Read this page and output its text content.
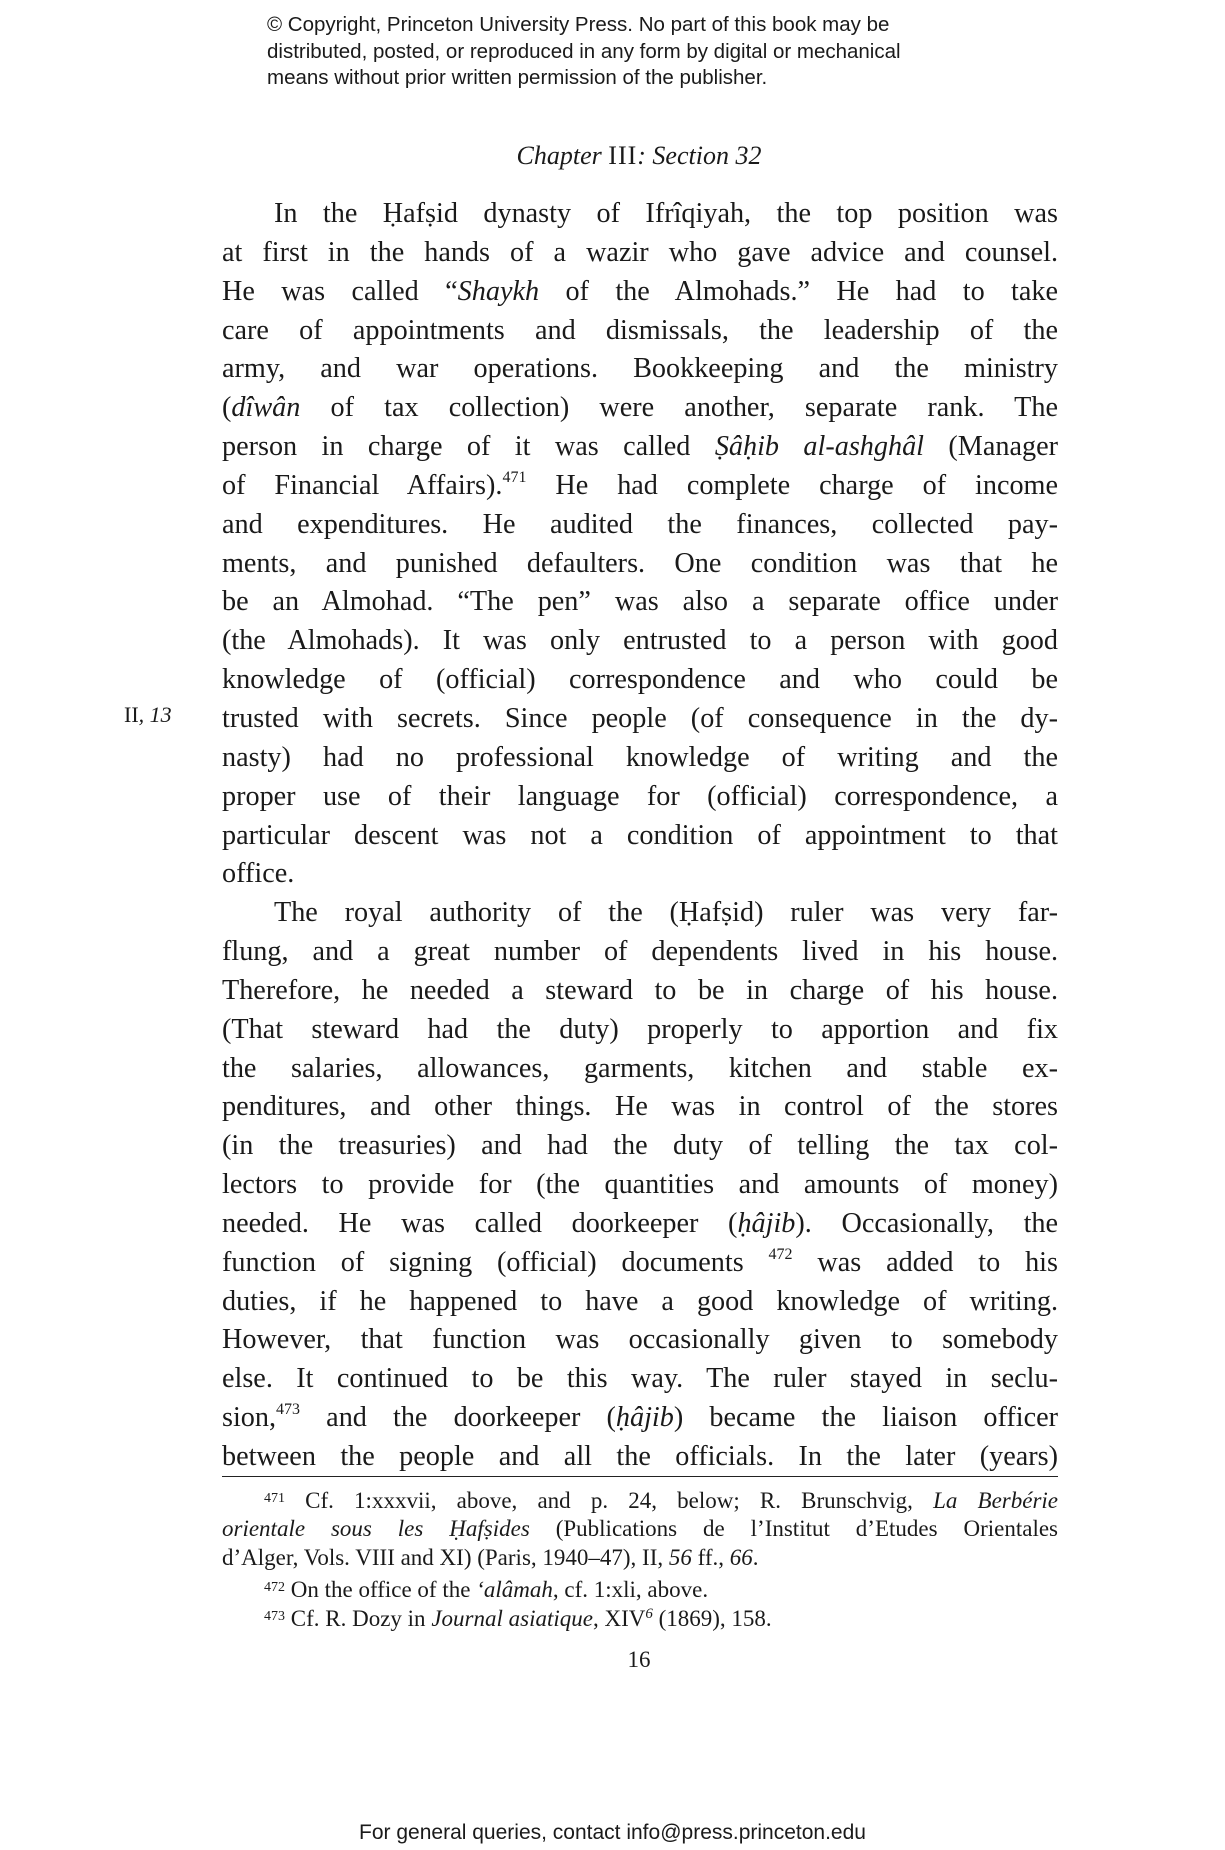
© Copyright, Princeton University Press. No part of this book may be
distributed, posted, or reproduced in any form by digital or mechanical
means without prior written permission of the publisher.
Chapter III: Section 32
II, 13
In the Ḥafṣid dynasty of Ifrîqiyah, the top position was
at first in the hands of a wazir who gave advice and counsel.
He was called “Shaykh of the Almohads.” He had to take
care of appointments and dismissals, the leadership of the
army, and war operations. Bookkeeping and the ministry
(dîwân of tax collection) were another, separate rank. The
person in charge of it was called Ṣâḥib al-ashghâl (Manager
of Financial Affairs).$^{471}$ He had complete charge of income
and expenditures. He audited the finances, collected pay-
ments, and punished defaulters. One condition was that he
be an Almohad. “The pen” was also a separate office under
(the Almohads). It was only entrusted to a person with good
knowledge of (official) correspondence and who could be
trusted with secrets. Since people (of consequence in the dy-
nasty) had no professional knowledge of writing and the
proper use of their language for (official) correspondence, a
particular descent was not a condition of appointment to that
office.
The royal authority of the (Ḥafṣid) ruler was very far-
flung, and a great number of dependents lived in his house.
Therefore, he needed a steward to be in charge of his house.
(That steward had the duty) properly to apportion and fix
the salaries, allowances, garments, kitchen and stable ex-
penditures, and other things. He was in control of the stores
(in the treasuries) and had the duty of telling the tax col-
lectors to provide for (the quantities and amounts of money)
needed. He was called doorkeeper (ḥâjib). Occasionally, the
function of signing (official) documents $^{472}$ was added to his
duties, if he happened to have a good knowledge of writing.
However, that function was occasionally given to somebody
else. It continued to be this way. The ruler stayed in seclu-
sion,$^{473}$ and the doorkeeper (ḥâjib) became the liaison officer
between the people and all the officials. In the later (years)
$^{471}$ Cf. 1:xxxvii, above, and p. 24, below; R. Brunschvig, La Berbérie
orientale sous les Ḥafṣides (Publications de l’Institut d’Etudes Orientales
d’Alger, Vols. VIII and XI) (Paris, 1940–47), II, 56 ff., 66.
$^{472}$ On the office of the ‘alâmah, cf. 1:xli, above.
$^{473}$ Cf. R. Dozy in Journal asiatique, XIV$^6$ (1869), 158.
16
For general queries, contact info@press.princeton.edu
